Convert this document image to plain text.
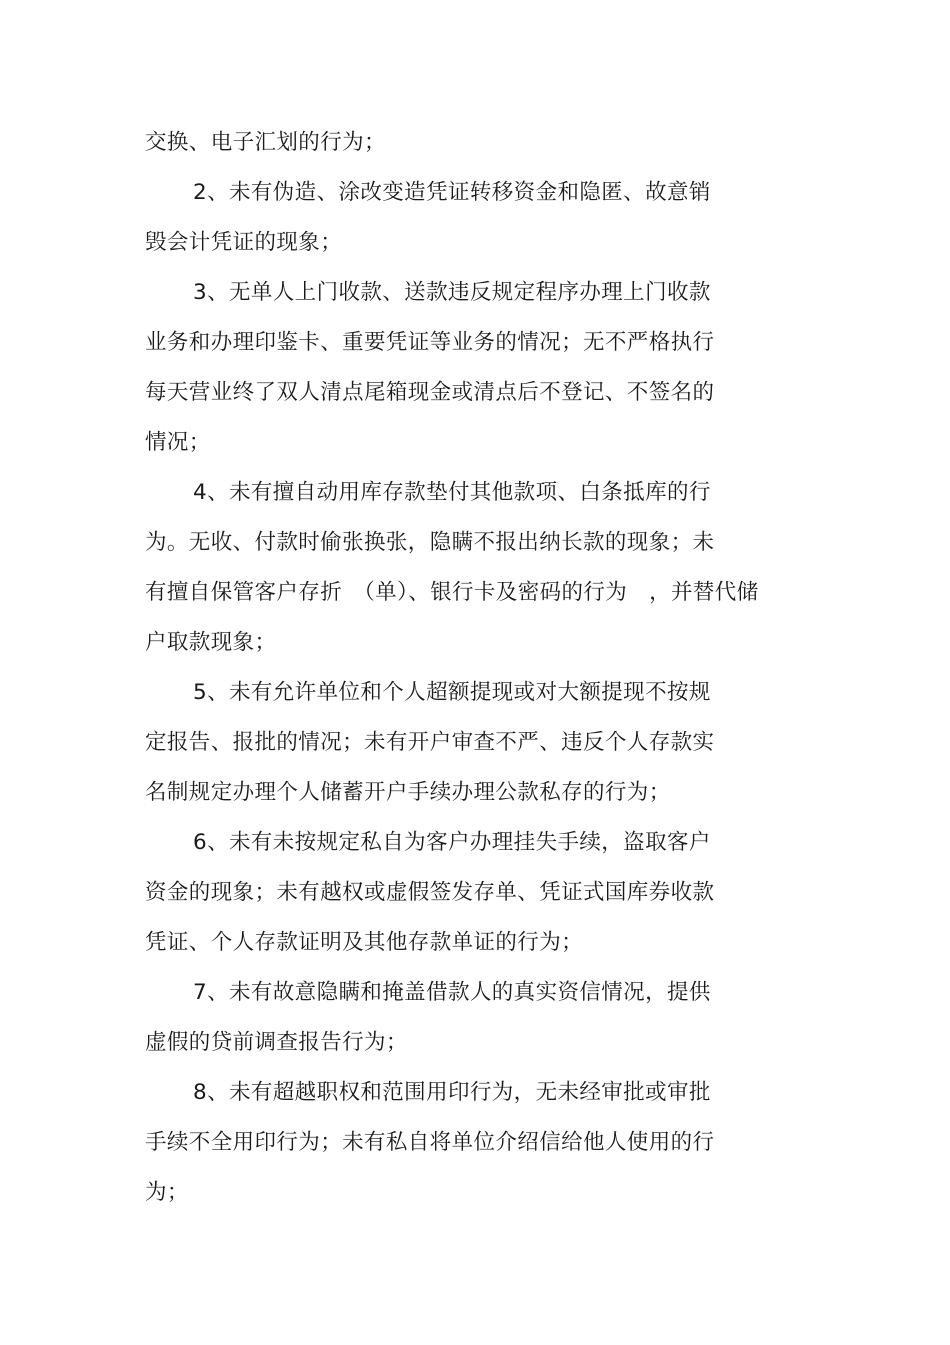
交换、电子汇划的行为；
2、未有伪造、涂改变造凭证转移资金和隐匿、故意销
毁会计凭证的现象；
3、无单人上门收款、送款违反规定程序办理上门收款
业务和办理印鉴卡、重要凭证等业务的情况；无不严格执行
每天营业终了双人清点尾箱现金或清点后不登记、不签名的
情况；
4、未有擅自动用库存款垫付其他款项、白条抵库的行
为。无收、付款时偷张换张，隐瞒不报出纳长款的现象；未
有擅自保管客户存折　（单）、银行卡及密码的行为　，并替代储
户取款现象；
5、未有允许单位和个人超额提现或对大额提现不按规
定报告、报批的情况；未有开户审查不严、违反个人存款实
名制规定办理个人储蓄开户手续办理公款私存的行为；
6、未有未按规定私自为客户办理挂失手续，盗取客户
资金的现象；未有越权或虚假签发存单、凭证式国库券收款
凭证、个人存款证明及其他存款单证的行为；
7、未有故意隐瞒和掩盖借款人的真实资信情况，提供
虚假的贷前调查报告行为；
8、未有超越职权和范围用印行为，无未经审批或审批
手续不全用印行为；未有私自将单位介绍信给他人使用的行
为；
